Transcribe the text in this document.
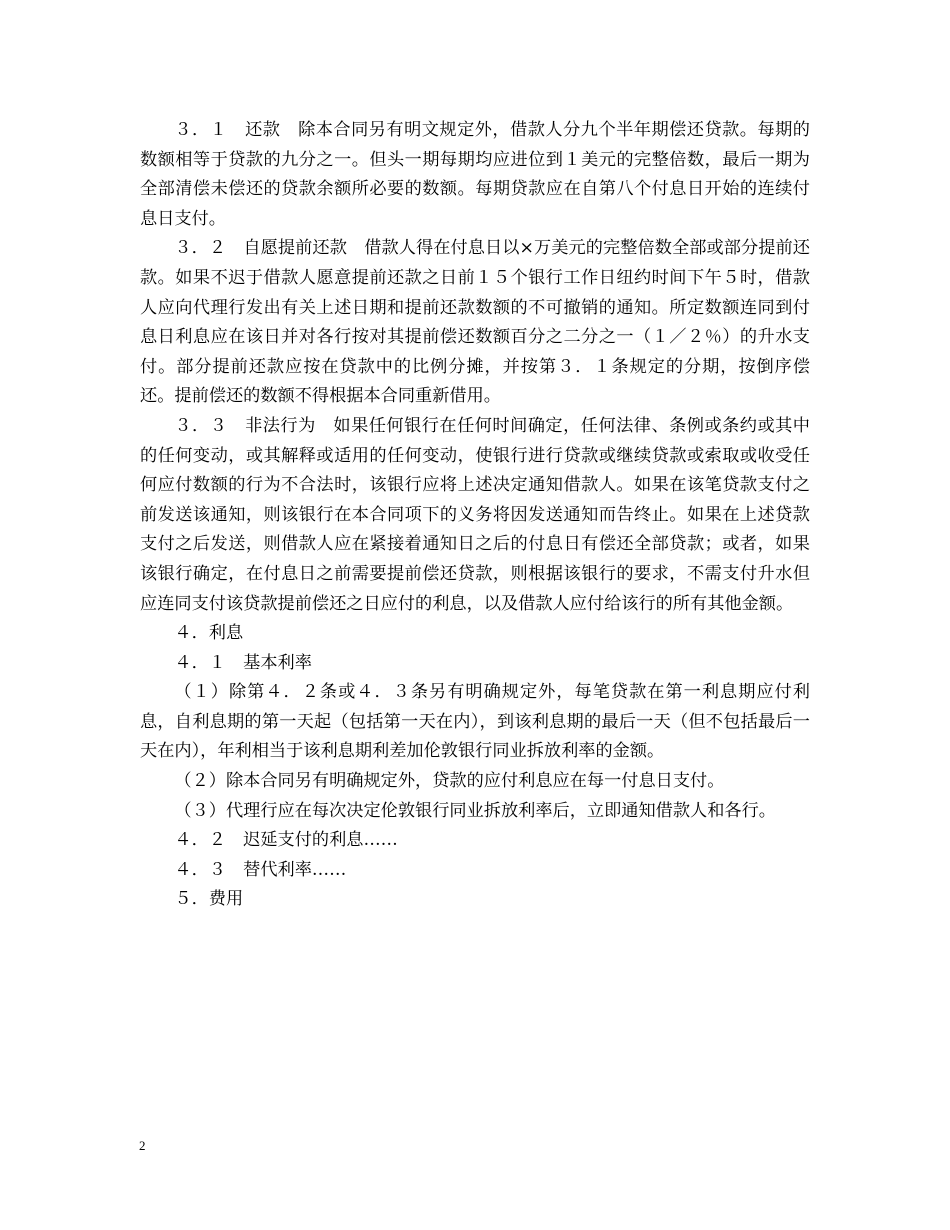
３．１　还款　除本合同另有明文规定外，借款人分九个半年期偿还贷款。每期的数额相等于贷款的九分之一。但头一期每期均应进位到１美元的完整倍数，最后一期为全部清偿未偿还的贷款余额所必要的数额。每期贷款应在自第八个付息日开始的连续付息日支付。

３．２　自愿提前还款　借款人得在付息日以×万美元的完整倍数全部或部分提前还款。如果不迟于借款人愿意提前还款之日前１５个银行工作日纽约时间下午５时，借款人应向代理行发出有关上述日期和提前还款数额的不可撤销的通知。所定数额连同到付息日利息应在该日并对各行按对其提前偿还数额百分之二分之一（１／２％）的升水支付。部分提前还款应按在贷款中的比例分摊，并按第３．１条规定的分期，按倒序偿还。提前偿还的数额不得根据本合同重新借用。

３．３　非法行为　如果任何银行在任何时间确定，任何法律、条例或条约或其中的任何变动，或其解释或适用的任何变动，使银行进行贷款或继续贷款或索取或收受任何应付数额的行为不合法时，该银行应将上述决定通知借款人。如果在该笔贷款支付之前发送该通知，则该银行在本合同项下的义务将因发送通知而告终止。如果在上述贷款支付之后发送，则借款人应在紧接着通知日之后的付息日有偿还全部贷款；或者，如果该银行确定，在付息日之前需要提前偿还贷款，则根据该银行的要求，不需支付升水但应连同支付该贷款提前偿还之日应付的利息，以及借款人应付给该行的所有其他金额。

４．利息

４．１　基本利率

（１）除第４．２条或４．３条另有明确规定外，每笔贷款在第一利息期应付利息，自利息期的第一天起（包括第一天在内），到该利息期的最后一天（但不包括最后一天在内），年利相当于该利息期利差加伦敦银行同业拆放利率的金额。

（２）除本合同另有明确规定外，贷款的应付利息应在每一付息日支付。

（３）代理行应在每次决定伦敦银行同业拆放利率后，立即通知借款人和各行。

４．２　迟延支付的利息……

４．３　替代利率……

５．费用

2
